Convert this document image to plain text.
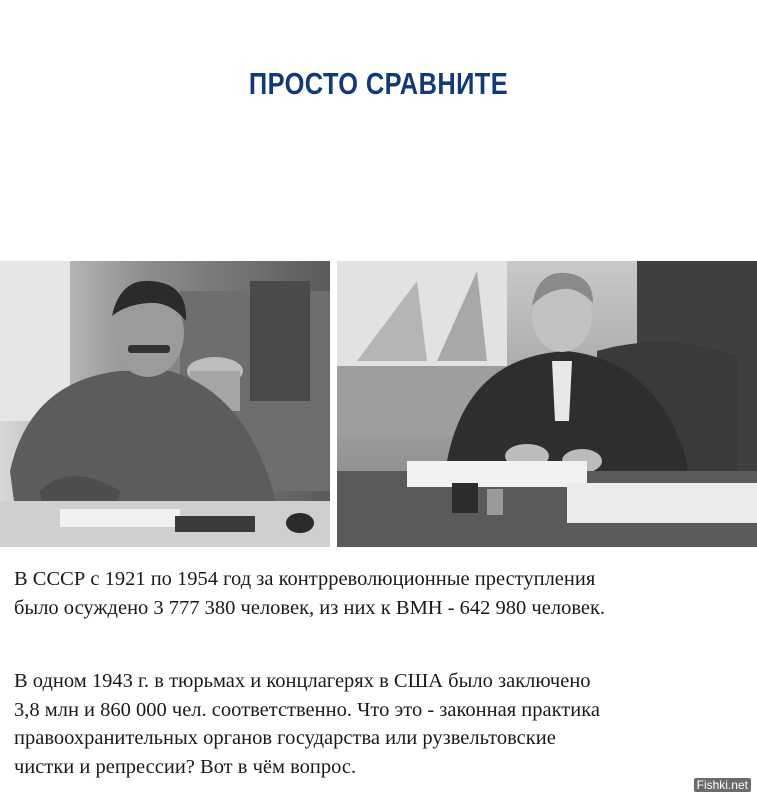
ПРОСТО СРАВНИТЕ

В СССР с 1921 по 1954 год за контрреволюционные преступления

было осуждено 3 777 380 человек, из них к ВМН - 642 980 человек.

В одном 1943 г. в тюрьмах и концлагерях в США было заключено

3,8 млн и 860 000 чел. соответственно. Что это - законная практика

правоохранительных органов государства или рузвельтовские

чистки и репрессии? Вот в чём вопрос.

Fishki.net
